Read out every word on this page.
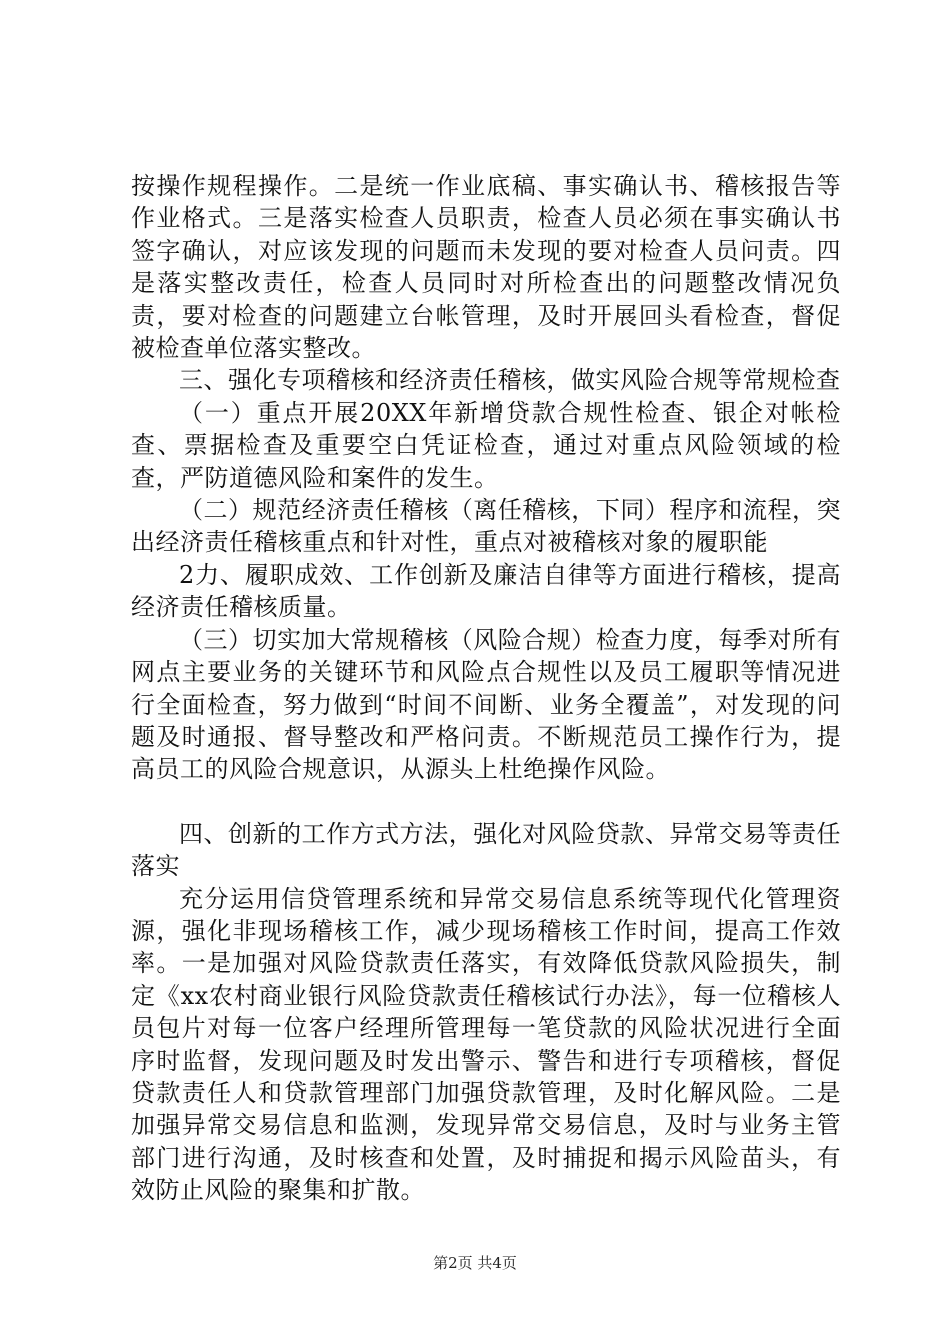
按操作规程操作。二是统一作业底稿、事实确认书、稽核报告等作业格式。三是落实检查人员职责，检查人员必须在事实确认书签字确认，对应该发现的问题而未发现的要对检查人员问责。四是落实整改责任，检查人员同时对所检查出的问题整改情况负责，要对检查的问题建立台帐管理，及时开展回头看检查，督促被检查单位落实整改。

三、强化专项稽核和经济责任稽核，做实风险合规等常规检查

（一）重点开展20XX年新增贷款合规性检查、银企对帐检查、票据检查及重要空白凭证检查，通过对重点风险领域的检查，严防道德风险和案件的发生。

（二）规范经济责任稽核（离任稽核，下同）程序和流程，突出经济责任稽核重点和针对性，重点对被稽核对象的履职能

2力、履职成效、工作创新及廉洁自律等方面进行稽核，提高经济责任稽核质量。

（三）切实加大常规稽核（风险合规）检查力度，每季对所有网点主要业务的关键环节和风险点合规性以及员工履职等情况进行全面检查，努力做到“时间不间断、业务全覆盖”，对发现的问题及时通报、督导整改和严格问责。不断规范员工操作行为，提高员工的风险合规意识，从源头上杜绝操作风险。

四、创新的工作方式方法，强化对风险贷款、异常交易等责任落实

充分运用信贷管理系统和异常交易信息系统等现代化管理资源，强化非现场稽核工作，减少现场稽核工作时间，提高工作效率。一是加强对风险贷款责任落实，有效降低贷款风险损失，制定《xx农村商业银行风险贷款责任稽核试行办法》，每一位稽核人员包片对每一位客户经理所管理每一笔贷款的风险状况进行全面序时监督，发现问题及时发出警示、警告和进行专项稽核，督促贷款责任人和贷款管理部门加强贷款管理，及时化解风险。二是加强异常交易信息和监测，发现异常交易信息，及时与业务主管部门进行沟通，及时核查和处置，及时捕捉和揭示风险苗头，有效防止风险的聚集和扩散。

第2页 共4页
